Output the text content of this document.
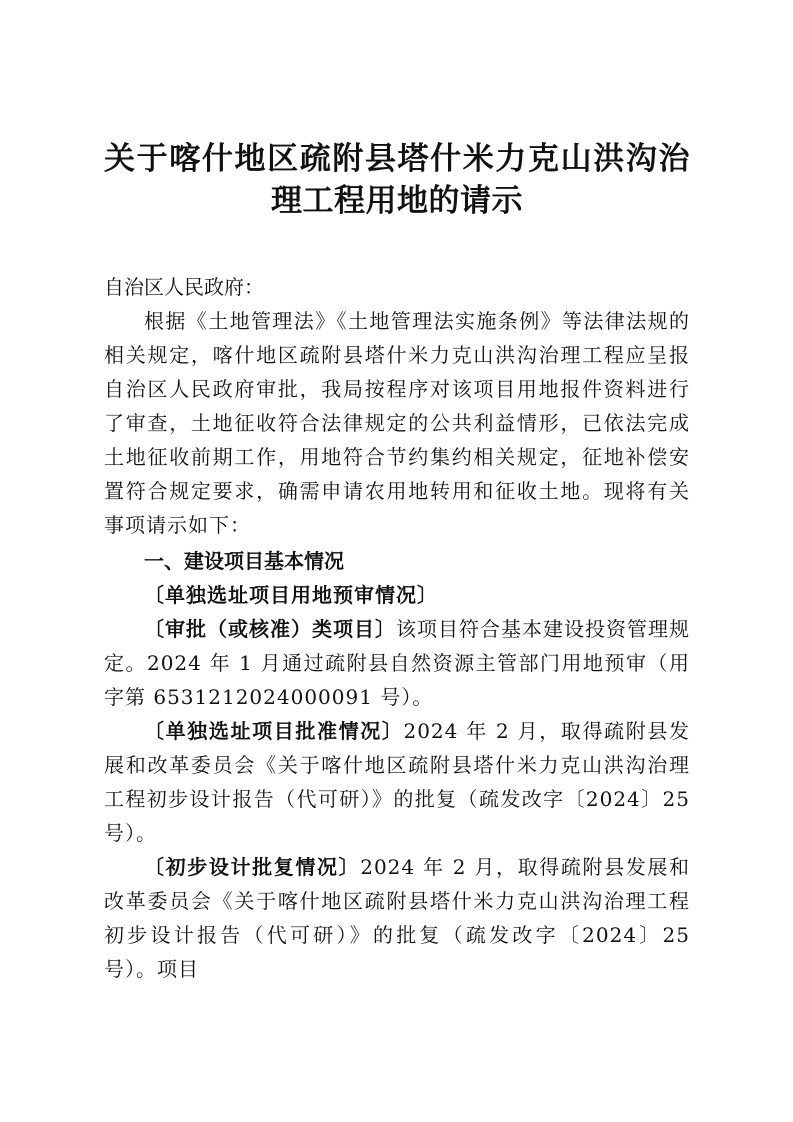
关于喀什地区疏附县塔什米力克山洪沟治理工程用地的请示

自治区人民政府：

根据《土地管理法》《土地管理法实施条例》等法律法规的相关规定，喀什地区疏附县塔什米力克山洪沟治理工程应呈报自治区人民政府审批，我局按程序对该项目用地报件资料进行了审查，土地征收符合法律规定的公共利益情形，已依法完成土地征收前期工作，用地符合节约集约相关规定，征地补偿安置符合规定要求，确需申请农用地转用和征收土地。现将有关事项请示如下：

一、建设项目基本情况

〔单独选址项目用地预审情况〕

〔审批（或核准）类项目〕该项目符合基本建设投资管理规定。2024 年 1 月通过疏附县自然资源主管部门用地预审（用字第 6531212024000091 号）。

〔单独选址项目批准情况〕2024 年 2 月，取得疏附县发展和改革委员会《关于喀什地区疏附县塔什米力克山洪沟治理工程初步设计报告（代可研）》的批复（疏发改字〔2024〕25 号）。

〔初步设计批复情况〕2024 年 2 月，取得疏附县发展和改革委员会《关于喀什地区疏附县塔什米力克山洪沟治理工程初步设计报告（代可研）》的批复（疏发改字〔2024〕25 号）。项目
